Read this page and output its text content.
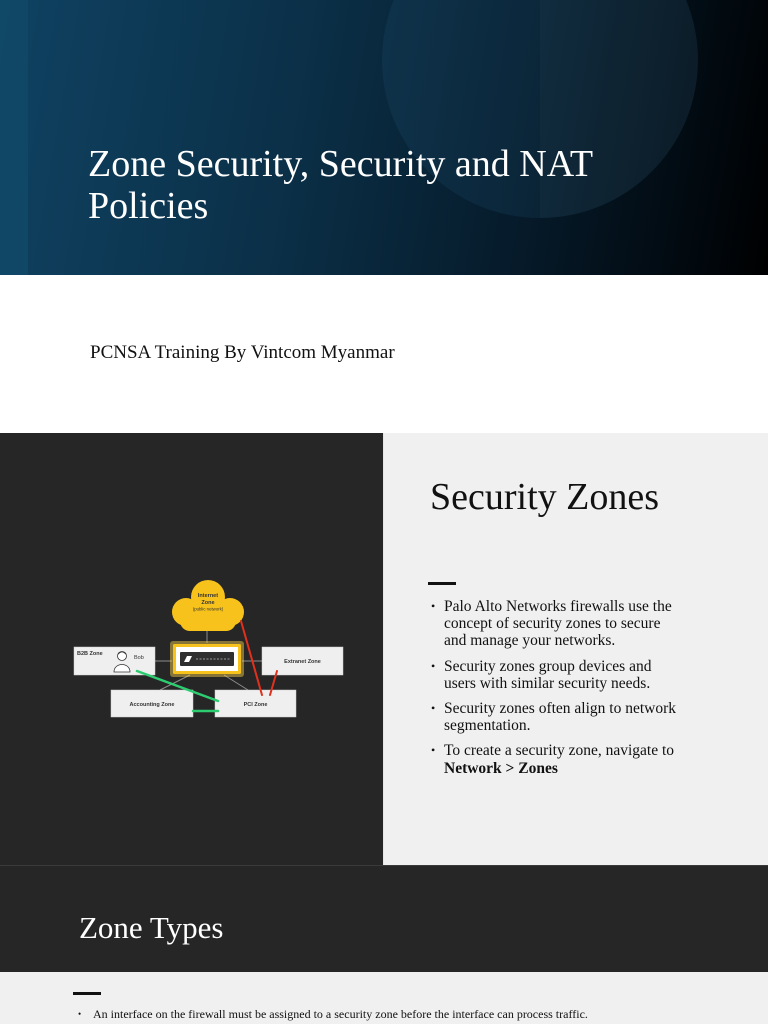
Zone Security, Security and NAT Policies

PCNSA Training By Vintcom Myanmar

Internet
Zone
(public network)
B2B Zone
Bob
Extranet Zone
Accounting Zone	PCI Zone
Security Zones
• Palo Alto Networks firewalls use the
concept of security zones to secure
and manage your networks.
• Security zones group devices and
users with similar security needs.
• Security zones often align to network
segmentation.
• To create a security zone, navigate to
Network > Zones
Zone Types
• An interface on the firewall must be assigned to a security zone before the interface can process traffic.
